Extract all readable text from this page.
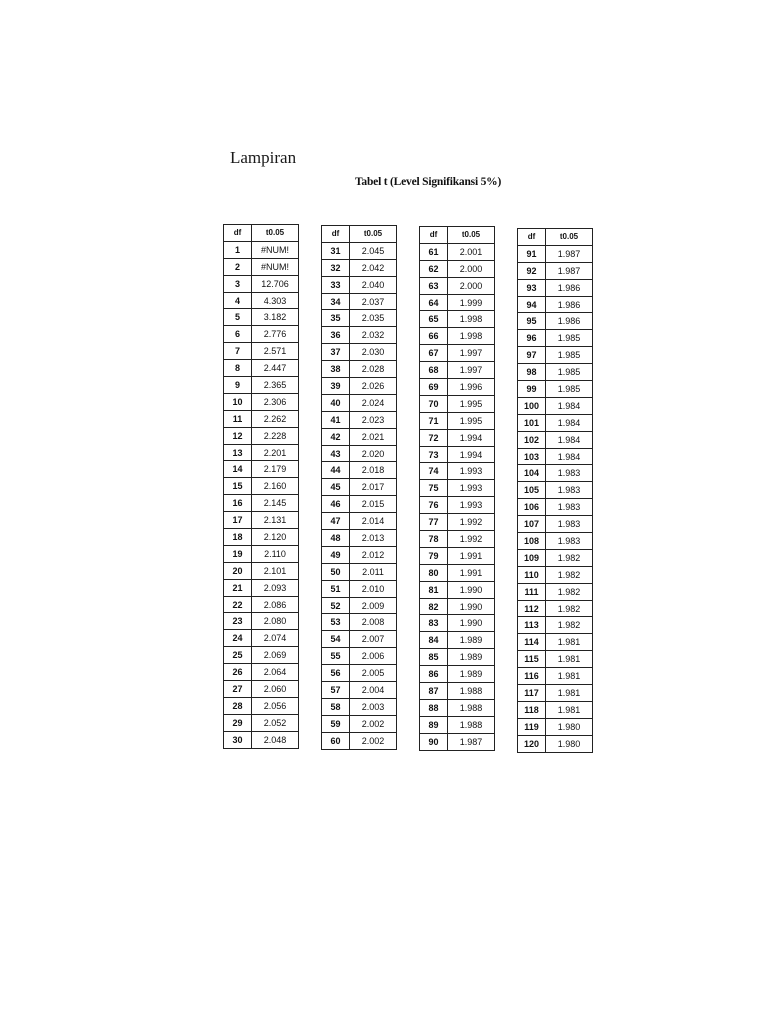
Lampiran
Tabel t (Level Signifikansi 5%)
df	t0.05
1	#NUM!
2	#NUM!
3	12.706
4	4.303
5	3.182
6	2.776
7	2.571
8	2.447
9	2.365
10	2.306
11	2.262
12	2.228
13	2.201
14	2.179
15	2.160
16	2.145
17	2.131
18	2.120
19	2.110
20	2.101
21	2.093
22	2.086
23	2.080
24	2.074
25	2.069
26	2.064
27	2.060
28	2.056
29	2.052
30	2.048
df	t0.05
31	2.045
32	2.042
33	2.040
34	2.037
35	2.035
36	2.032
37	2.030
38	2.028
39	2.026
40	2.024
41	2.023
42	2.021
43	2.020
44	2.018
45	2.017
46	2.015
47	2.014
48	2.013
49	2.012
50	2.011
51	2.010
52	2.009
53	2.008
54	2.007
55	2.006
56	2.005
57	2.004
58	2.003
59	2.002
60	2.002
df	t0.05
61	2.001
62	2.000
63	2.000
64	1.999
65	1.998
66	1.998
67	1.997
68	1.997
69	1.996
70	1.995
71	1.995
72	1.994
73	1.994
74	1.993
75	1.993
76	1.993
77	1.992
78	1.992
79	1.991
80	1.991
81	1.990
82	1.990
83	1.990
84	1.989
85	1.989
86	1.989
87	1.988
88	1.988
89	1.988
90	1.987
df	t0.05
91	1.987
92	1.987
93	1.986
94	1.986
95	1.986
96	1.985
97	1.985
98	1.985
99	1.985
100	1.984
101	1.984
102	1.984
103	1.984
104	1.983
105	1.983
106	1.983
107	1.983
108	1.983
109	1.982
110	1.982
111	1.982
112	1.982
113	1.982
114	1.981
115	1.981
116	1.981
117	1.981
118	1.981
119	1.980
120	1.980
